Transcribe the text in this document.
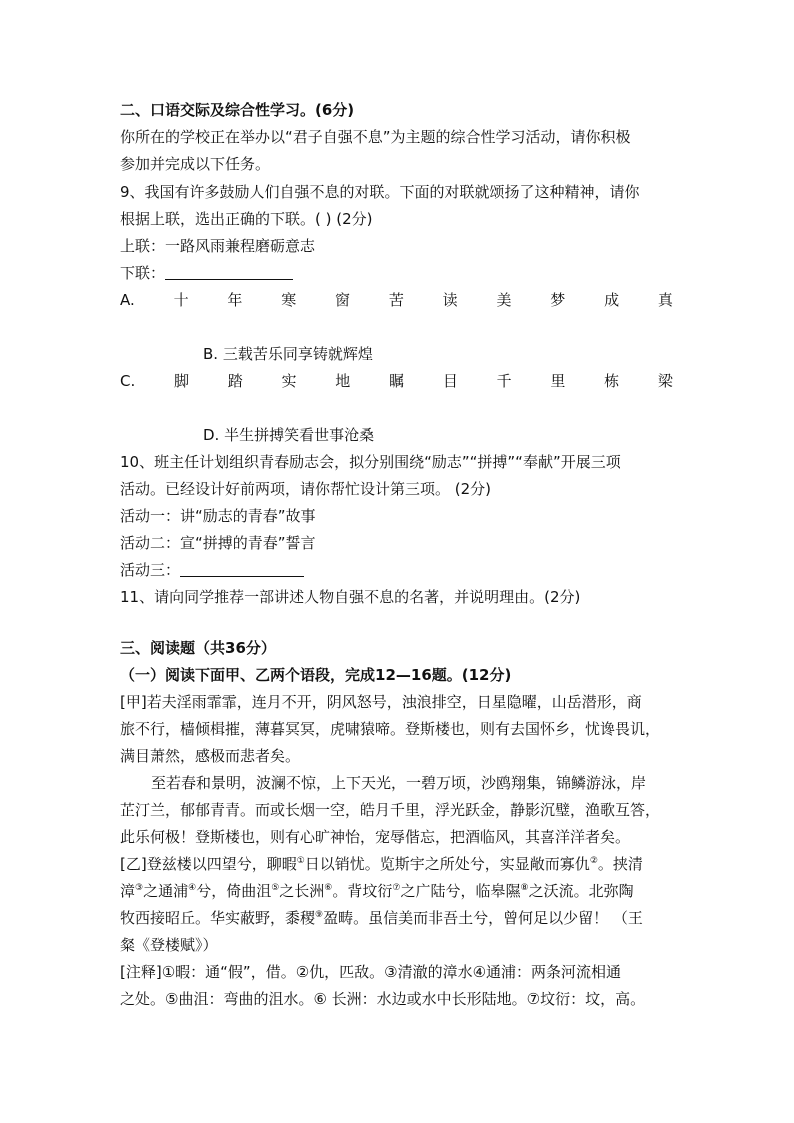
二、口语交际及综合性学习。(6分)
你所在的学校正在举办以“君子自强不息”为主题的综合性学习活动，请你积极
参加并完成以下任务。
9、我国有许多鼓励人们自强不息的对联。下面的对联就颂扬了这种精神，请你
根据上联，选出正确的下联。( ) (2分)
上联：一路风雨兼程磨砺意志
下联：
A.	十	年	寒	窗	苦	读	美	梦	成	真
B. 三载苦乐同享铸就辉煌
C.	脚	踏	实	地	瞩	目	千	里	栋	梁
D. 半生拼搏笑看世事沧桑
10、班主任计划组织青春励志会，拟分别围绕“励志”“拼搏”“奉献”开展三项
活动。已经设计好前两项，请你帮忙设计第三项。 (2分)
活动一：讲“励志的青春”故事
活动二：宣“拼搏的青春”誓言
活动三：
11、请向同学推荐一部讲述人物自强不息的名著，并说明理由。(2分)
三、阅读题（共36分）
（一）阅读下面甲、乙两个语段，完成12—16题。(12分)
[甲]若夫淫雨霏霏，连月不开，阴风怒号，浊浪排空，日星隐曜，山岳潜形，商
旅不行，樯倾楫摧，薄暮冥冥，虎啸猿啼。登斯楼也，则有去国怀乡，忧谗畏讥，
满目萧然，感极而悲者矣。
至若春和景明，波澜不惊，上下天光，一碧万顷，沙鸥翔集，锦鳞游泳，岸
芷汀兰，郁郁青青。而或长烟一空，皓月千里，浮光跃金，静影沉璧，渔歌互答，
此乐何极！登斯楼也，则有心旷神怡，宠辱偕忘，把酒临风，其喜洋洋者矣。
[乙]登兹楼以四望兮，聊暇①日以销忧。览斯宇之所处兮，实显敞而寡仇②。挟清
漳③之通浦④兮，倚曲沮⑤之长洲⑥。背坟衍⑦之广陆兮，临皋隰⑧之沃流。北弥陶
牧西接昭丘。华实蔽野，黍稷⑨盈畴。虽信美而非吾土兮，曾何足以少留！ （王
粲《登楼赋》）
[注释]①暇：通“假”，借。②仇，匹敌。③清澈的漳水④通浦：两条河流相通
之处。⑤曲沮：弯曲的沮水。⑥ 长洲：水边或水中长形陆地。⑦坟衍：坟，高。
